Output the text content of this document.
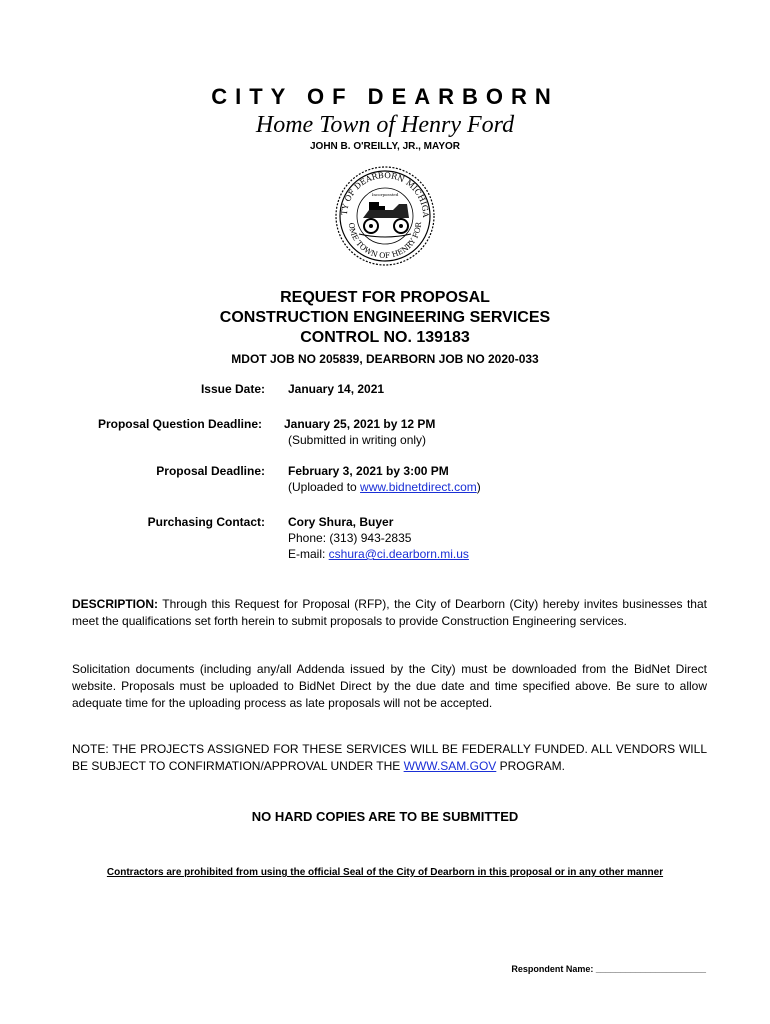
CITY OF DEARBORN
Home Town of Henry Ford
JOHN B. O'REILLY, JR., MAYOR
TY OF DEARBORN MICHIGA
OME TOWN OF HENRY FOR
Incorporated
REQUEST FOR PROPOSAL
CONSTRUCTION ENGINEERING SERVICES
CONTROL NO. 139183
MDOT JOB NO 205839, DEARBORN JOB NO 2020-033
Issue Date: January 14, 2021
Proposal Question Deadline: January 25, 2021 by 12 PM
(Submitted in writing only)
Proposal Deadline: February 3, 2021 by 3:00 PM
(Uploaded to www.bidnetdirect.com)
Purchasing Contact: Cory Shura, Buyer
Phone: (313) 943-2835
E-mail: cshura@ci.dearborn.mi.us
DESCRIPTION: Through this Request for Proposal (RFP), the City of Dearborn (City) hereby invites businesses that meet the qualifications set forth herein to submit proposals to provide Construction Engineering services.
Solicitation documents (including any/all Addenda issued by the City) must be downloaded from the BidNet Direct website. Proposals must be uploaded to BidNet Direct by the due date and time specified above. Be sure to allow adequate time for the uploading process as late proposals will not be accepted.
NOTE: THE PROJECTS ASSIGNED FOR THESE SERVICES WILL BE FEDERALLY FUNDED. ALL VENDORS WILL BE SUBJECT TO CONFIRMATION/APPROVAL UNDER THE WWW.SAM.GOV PROGRAM.
NO HARD COPIES ARE TO BE SUBMITTED
Contractors are prohibited from using the official Seal of the City of Dearborn in this proposal or in any other manner
Respondent Name: ______________________
